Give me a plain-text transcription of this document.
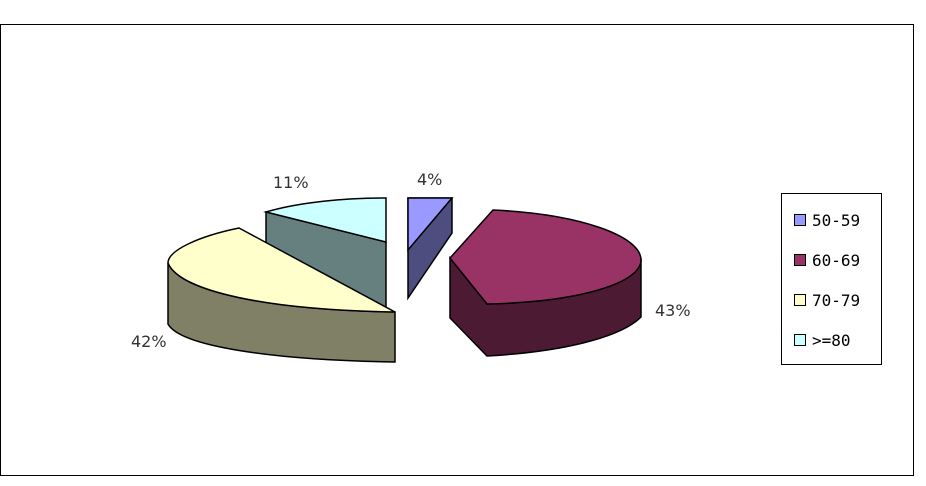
4%
43%
42%
11%
50-59
60-69
70-79
>=80
